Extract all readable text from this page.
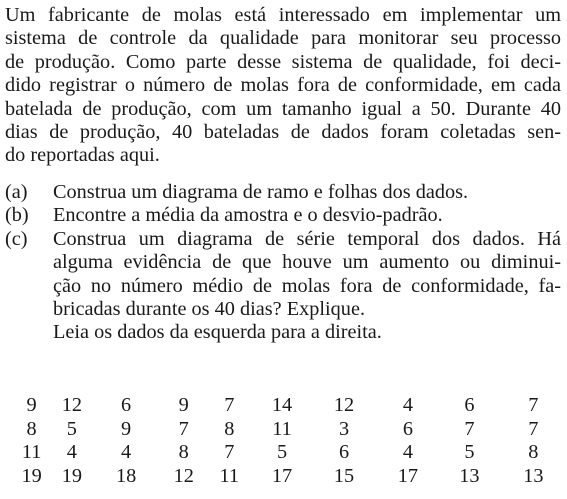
Um fabricante de molas está interessado em implementar um
sistema de controle da qualidade para monitorar seu processo
de produção. Como parte desse sistema de qualidade, foi deci-
dido registrar o número de molas fora de conformidade, em cada
batelada de produção, com um tamanho igual a 50. Durante 40
dias de produção, 40 bateladas de dados foram coletadas sen-
do reportadas aqui.
(a) Construa um diagrama de ramo e folhas dos dados.
(b) Encontre a média da amostra e o desvio-padrão.
(c) Construa um diagrama de série temporal dos dados. Há
alguma evidência de que houve um aumento ou diminui-
ção no número médio de molas fora de conformidade, fa-
bricadas durante os 40 dias? Explique.
Leia os dados da esquerda para a direita.
9	12	6	9	7	14	12	4	6	7
8	5	9	7	8	11	3	6	7	7
11	4	4	8	7	5	6	4	5	8
19	19	18	12	11	17	15	17	13	13
